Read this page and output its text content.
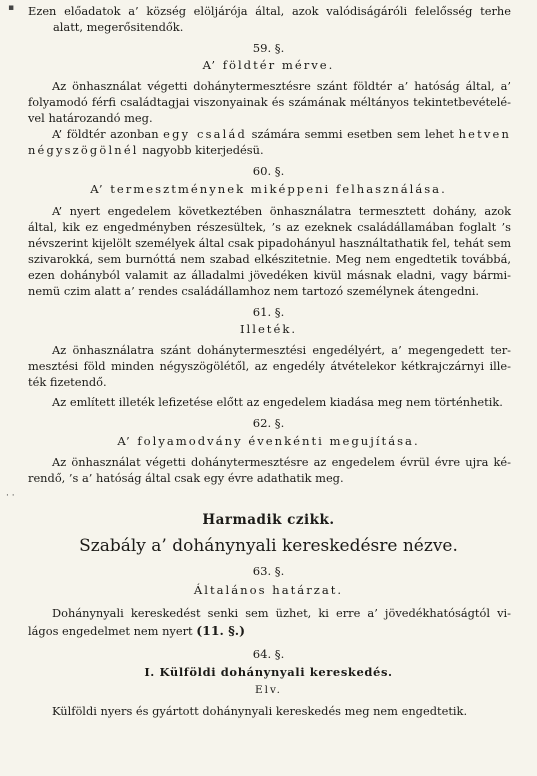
▪ Ezen előadatok a’ község elöljárója által, azok valódiságáróli felelősség terhe
alatt, megerősitendők.
59. §.
A’ földtér mérve.
Az önhasználat végetti dohánytermesztésre szánt földtér a’ hatóság által, a’
folyamodó férfi családtagjai viszonyainak és számának méltányos tekintetbevételé-
vel határozandó meg.
A’ földtér azonban egy család számára semmi esetben sem lehet hetven
négyszögölnél nagyobb kiterjedésü.
60. §.
A’ termesztménynek miképpeni felhasználása.
A’ nyert engedelem következtében önhasználatra termesztett dohány, azok
által, kik ez engedményben részesültek, ’s az ezeknek családállamában foglalt ’s
névszerint kijelölt személyek által csak pipadohányul használtathatik fel, tehát sem
szivarokká, sem burnóttá nem szabad elkészitetnie. Meg nem engedtetik továbbá,
ezen dohányból valamit az álladalmi jövedéken kivül másnak eladni, vagy bármi-
nemü czim alatt a’ rendes családállamhoz nem tartozó személynek átengedni.
61. §.
Illeték.
Az önhasználatra szánt dohánytermesztési engedélyért, a’ megengedett ter-
mesztési föld minden négyszögölétől, az engedély átvételekor kétkrajczárnyi ille-
ték fizetendő.
Az említett illeték lefizetése előtt az engedelem kiadása meg nem történhetik.
62. §.
A’ folyamodvány évenkénti megujítása.
Az önhasználat végetti dohánytermesztésre az engedelem évrül évre ujra ké-
rendő, ’s a’ hatóság által csak egy évre adathatik meg.
· ·
Harmadik czikk.
Szabály a’ dohánynyali kereskedésre nézve.
63. §.
Általános határzat.
Dohánynyali kereskedést senki sem üzhet, ki erre a’ jövedékhatóságtól vi-
lágos engedelmet nem nyert (11. §.)
64. §.
I. Külföldi dohánynyali kereskedés.
Elv.
Külföldi nyers és gyártott dohánynyali kereskedés meg nem engedtetik.
